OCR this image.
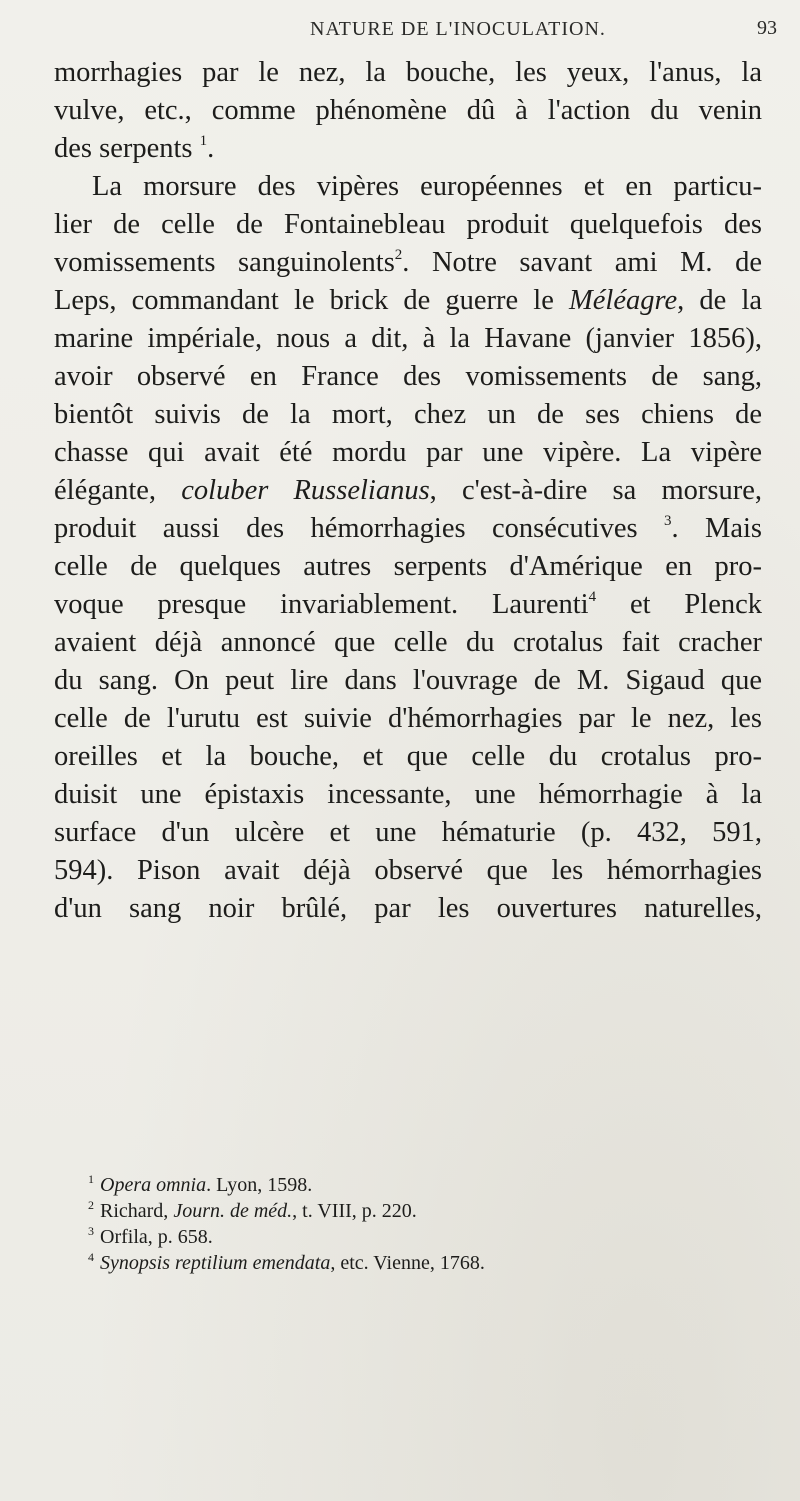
NATURE DE L'INOCULATION.	93
morrhagies par le nez, la bouche, les yeux, l'anus, la
vulve, etc., comme phénomène dû à l'action du venin
des serpents $^1$.
La morsure des vipères européennes et en particu-
lier de celle de Fontainebleau produit quelquefois des
vomissements sanguinolents$^2$. Notre savant ami M. de
Leps, commandant le brick de guerre le Méléagre, de la
marine impériale, nous a dit, à la Havane (janvier 1856),
avoir observé en France des vomissements de sang,
bientôt suivis de la mort, chez un de ses chiens de
chasse qui avait été mordu par une vipère. La vipère
élégante, coluber Russelianus, c'est-à-dire sa morsure,
produit aussi des hémorrhagies consécutives $^3$. Mais
celle de quelques autres serpents d'Amérique en pro-
voque presque invariablement. Laurenti$^4$ et Plenck
avaient déjà annoncé que celle du crotalus fait cracher
du sang. On peut lire dans l'ouvrage de M. Sigaud que
celle de l'urutu est suivie d'hémorrhagies par le nez, les
oreilles et la bouche, et que celle du crotalus pro-
duisit une épistaxis incessante, une hémorrhagie à la
surface d'un ulcère et une hématurie (p. 432, 591,
594). Pison avait déjà observé que les hémorrhagies
d'un sang noir brûlé, par les ouvertures naturelles,
$^1$ Opera omnia. Lyon, 1598.
$^2$ Richard, Journ. de méd., t. VIII, p. 220.
$^3$ Orfila, p. 658.
$^4$ Synopsis reptilium emendata, etc. Vienne, 1768.
